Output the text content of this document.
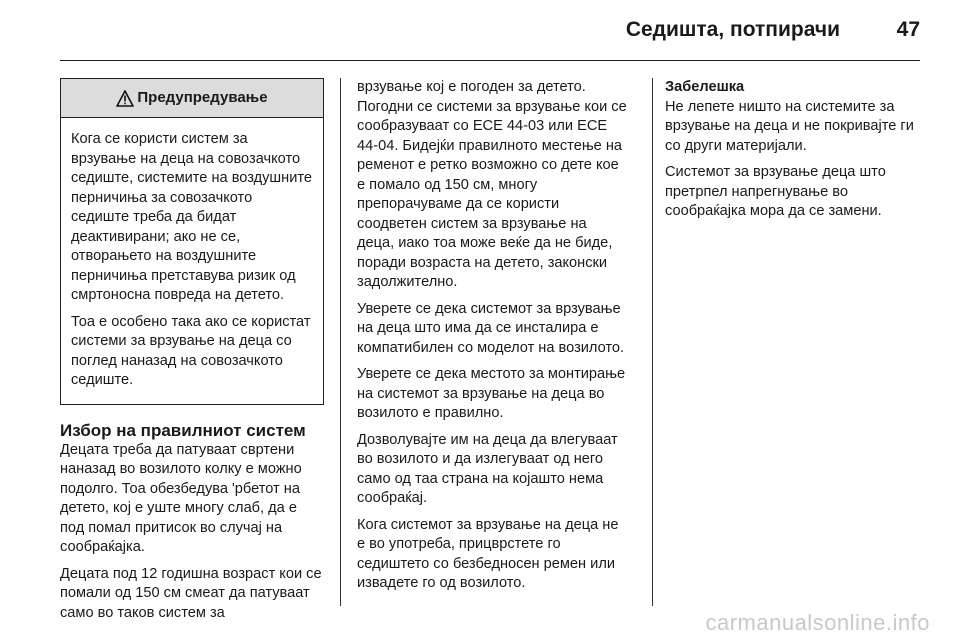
Седишта, потпирачи	47
Предупредување

Кога се користи систем за врзување на деца на совозачкото седиште, системите на воздушните перничиња за совозачкото седиште треба да бидат деактивирани; ако не се, отворањето на воздушните перничиња претставува ризик од смртоносна повреда на детето.

Тоа е особено така ако се користат системи за врзување на деца со поглед наназад на совозачкото седиште.

Избор на правилниот систем

Децата треба да патуваат свртени наназад во возилото колку е можно подолго. Тоа обезбедува 'рбетот на детето, кој е уште многу слаб, да е под помал притисок во случај на сообраќајка.

Децата под 12 годишна возраст кои се помали од 150 см смеат да патуваат само во таков систем за

врзување кој е погоден за детето. Погодни се системи за врзување кои се сообразуваат со ЕСЕ 44-03 или ЕСЕ 44-04. Бидејќи правилното местење на ременот е ретко возможно со дете кое е помало од 150 см, многу препорачуваме да се користи соодветен систем за врзување на деца, иако тоа може веќе да не биде, поради возраста на детето, законски задолжително.

Уверете се дека системот за врзување на деца што има да се инсталира е компатибилен со моделот на возилото.

Уверете се дека местото за монтирање на системот за врзување на деца во возилото е правилно.

Дозволувајте им на деца да влегуваат во возилото и да излегуваат од него само од таа страна на којашто нема сообраќај.

Кога системот за врзување на деца не е во употреба, прицврстете го седиштето со безбедносен ремен или извадете го од возилото.

Забелешка

Не лепете ништо на системите за врзување на деца и не покривајте ги со други материјали.

Системот за врзување деца што претрпел напрегнување во сообраќајка мора да се замени.

carmanualsonline.info
